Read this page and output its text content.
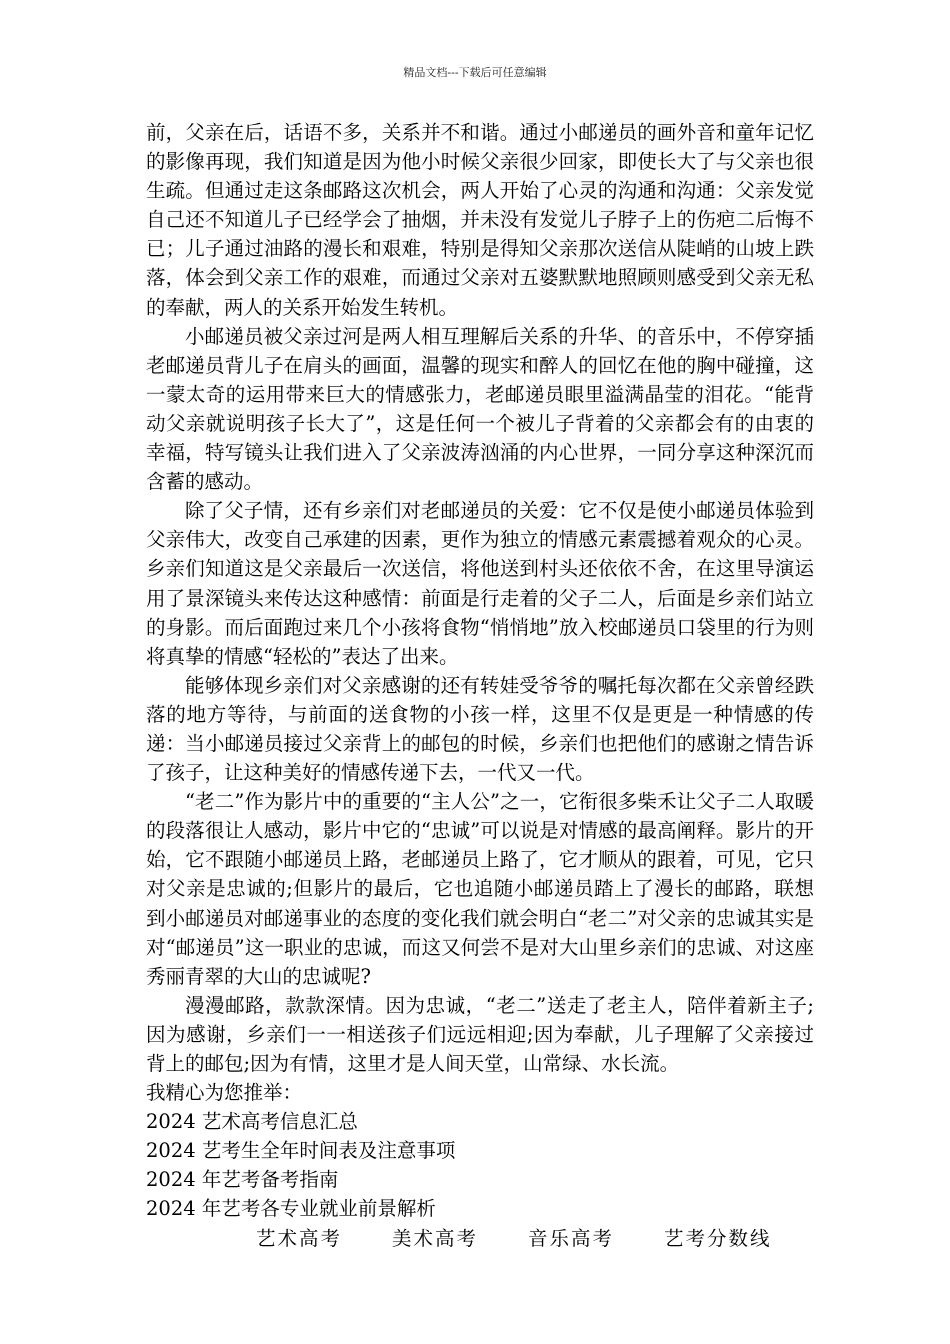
精品文档---下载后可任意编辑

前，父亲在后，话语不多，关系并不和谐。通过小邮递员的画外音和童年记忆的影像再现，我们知道是因为他小时候父亲很少回家，即使长大了与父亲也很生疏。但通过走这条邮路这次机会，两人开始了心灵的沟通和沟通：父亲发觉自己还不知道儿子已经学会了抽烟，并未没有发觉儿子脖子上的伤疤二后悔不已；儿子通过油路的漫长和艰难，特别是得知父亲那次送信从陡峭的山坡上跌落，体会到父亲工作的艰难，而通过父亲对五婆默默地照顾则感受到父亲无私的奉献，两人的关系开始发生转机。

小邮递员被父亲过河是两人相互理解后关系的升华、的音乐中，不停穿插老邮递员背儿子在肩头的画面，温馨的现实和醉人的回忆在他的胸中碰撞，这一蒙太奇的运用带来巨大的情感张力，老邮递员眼里溢满晶莹的泪花。“能背动父亲就说明孩子长大了”，这是任何一个被儿子背着的父亲都会有的由衷的幸福，特写镜头让我们进入了父亲波涛汹涌的内心世界，一同分享这种深沉而含蓄的感动。

除了父子情，还有乡亲们对老邮递员的关爱：它不仅是使小邮递员体验到父亲伟大，改变自己承建的因素，更作为独立的情感元素震撼着观众的心灵。乡亲们知道这是父亲最后一次送信，将他送到村头还依依不舍，在这里导演运用了景深镜头来传达这种感情：前面是行走着的父子二人，后面是乡亲们站立的身影。而后面跑过来几个小孩将食物“悄悄地”放入校邮递员口袋里的行为则将真挚的情感“轻松的”表达了出来。

能够体现乡亲们对父亲感谢的还有转娃受爷爷的嘱托每次都在父亲曾经跌落的地方等待，与前面的送食物的小孩一样，这里不仅是更是一种情感的传递：当小邮递员接过父亲背上的邮包的时候，乡亲们也把他们的感谢之情告诉了孩子，让这种美好的情感传递下去，一代又一代。

“老二”作为影片中的重要的“主人公”之一，它衔很多柴禾让父子二人取暖的段落很让人感动，影片中它的“忠诚”可以说是对情感的最高阐释。影片的开始，它不跟随小邮递员上路，老邮递员上路了，它才顺从的跟着，可见，它只对父亲是忠诚的;但影片的最后，它也追随小邮递员踏上了漫长的邮路，联想到小邮递员对邮递事业的态度的变化我们就会明白“老二”对父亲的忠诚其实是对“邮递员”这一职业的忠诚，而这又何尝不是对大山里乡亲们的忠诚、对这座秀丽青翠的大山的忠诚呢?

漫漫邮路，款款深情。因为忠诚，“老二”送走了老主人，陪伴着新主子;因为感谢，乡亲们一一相送孩子们远远相迎;因为奉献，儿子理解了父亲接过背上的邮包;因为有情，这里才是人间天堂，山常绿、水长流。

我精心为您推举：

2024 艺术高考信息汇总

2024 艺考生全年时间表及注意事项

2024 年艺考备考指南

2024 年艺考各专业就业前景解析

艺术高考	美术高考	音乐高考	艺考分数线
